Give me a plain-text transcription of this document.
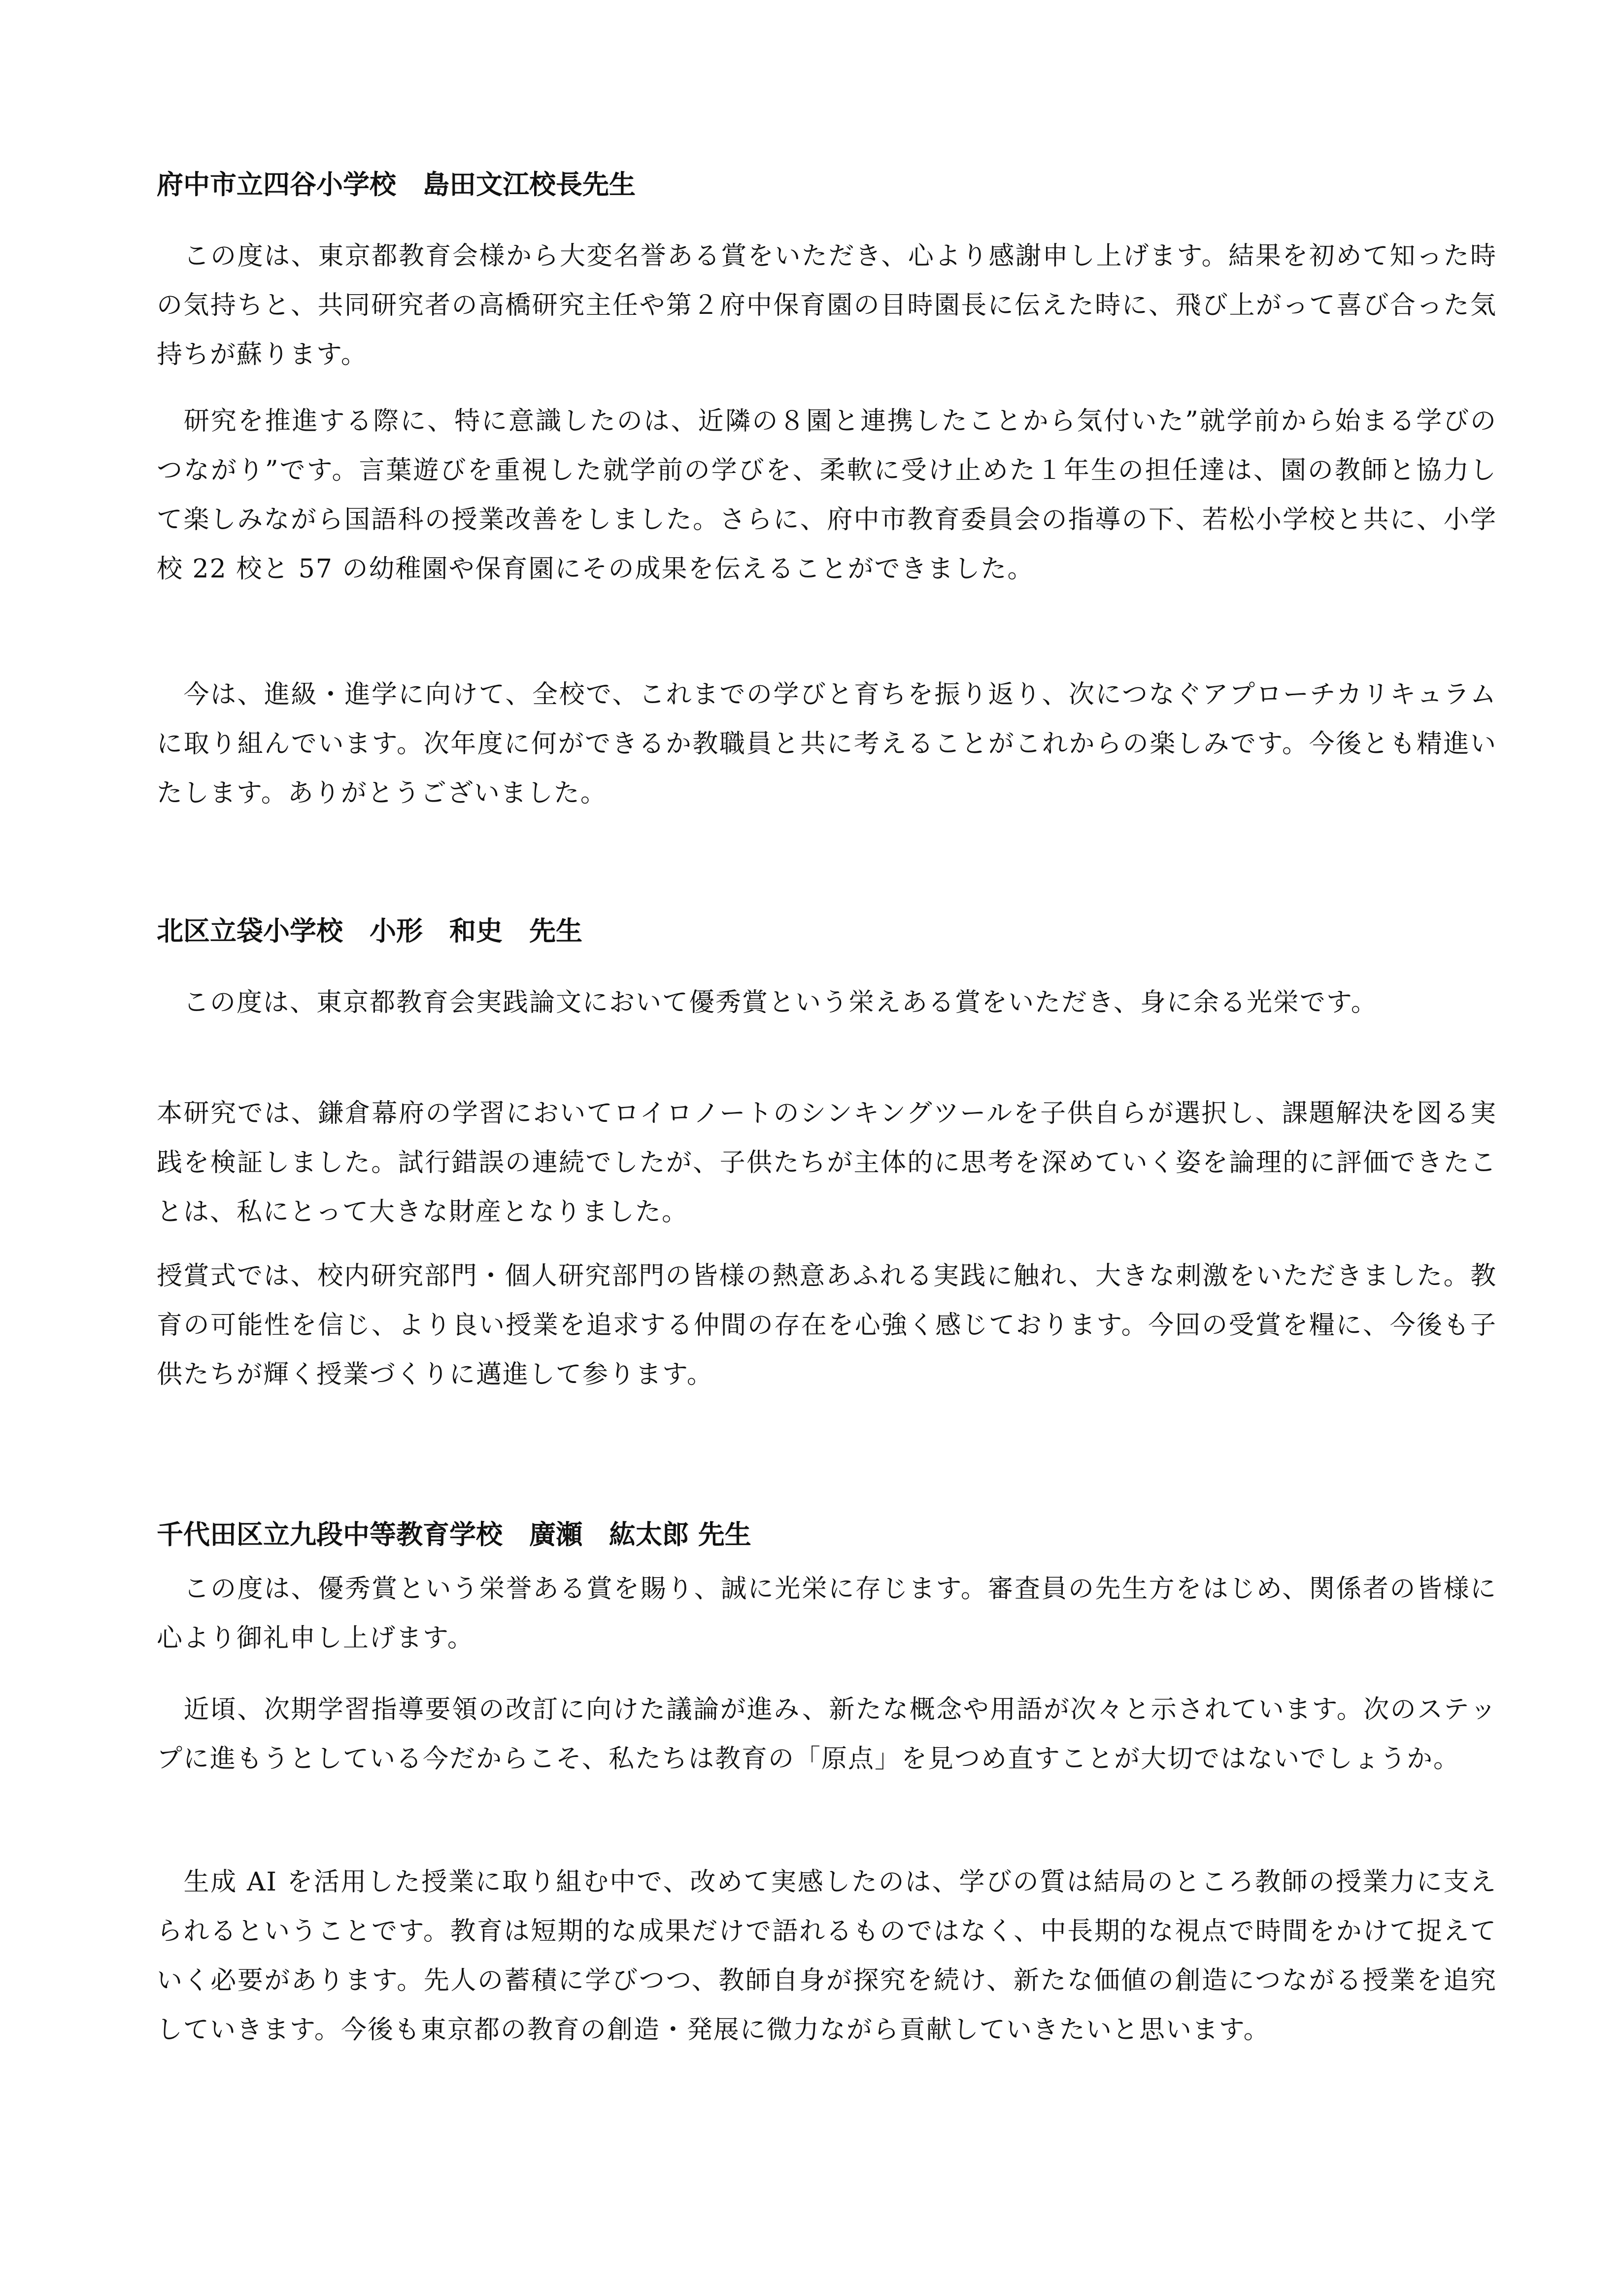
府中市立四谷小学校　島田文江校長先生

　この度は、東京都教育会様から大変名誉ある賞をいただき、心より感謝申し上げます。結果を初めて知った時の気持ちと、共同研究者の高橋研究主任や第２府中保育園の目時園長に伝えた時に、飛び上がって喜び合った気持ちが蘇ります。

　研究を推進する際に、特に意識したのは、近隣の８園と連携したことから気付いた”就学前から始まる学びのつながり”です。言葉遊びを重視した就学前の学びを、柔軟に受け止めた１年生の担任達は、園の教師と協力して楽しみながら国語科の授業改善をしました。さらに、府中市教育委員会の指導の下、若松小学校と共に、小学校 22 校と 57 の幼稚園や保育園にその成果を伝えることができました。

　今は、進級・進学に向けて、全校で、これまでの学びと育ちを振り返り、次につなぐアプローチカリキュラムに取り組んでいます。次年度に何ができるか教職員と共に考えることがこれからの楽しみです。今後とも精進いたします。ありがとうございました。

北区立袋小学校　小形　和史　先生

　この度は、東京都教育会実践論文において優秀賞という栄えある賞をいただき、身に余る光栄です。

本研究では、鎌倉幕府の学習においてロイロノートのシンキングツールを子供自らが選択し、課題解決を図る実践を検証しました。試行錯誤の連続でしたが、子供たちが主体的に思考を深めていく姿を論理的に評価できたことは、私にとって大きな財産となりました。

授賞式では、校内研究部門・個人研究部門の皆様の熱意あふれる実践に触れ、大きな刺激をいただきました。教育の可能性を信じ、より良い授業を追求する仲間の存在を心強く感じております。今回の受賞を糧に、今後も子供たちが輝く授業づくりに邁進して参ります。

千代田区立九段中等教育学校　廣瀬　紘太郎 先生

　この度は、優秀賞という栄誉ある賞を賜り、誠に光栄に存じます。審査員の先生方をはじめ、関係者の皆様に心より御礼申し上げます。

　近頃、次期学習指導要領の改訂に向けた議論が進み、新たな概念や用語が次々と示されています。次のステップに進もうとしている今だからこそ、私たちは教育の「原点」を見つめ直すことが大切ではないでしょうか。

　生成 AI を活用した授業に取り組む中で、改めて実感したのは、学びの質は結局のところ教師の授業力に支えられるということです。教育は短期的な成果だけで語れるものではなく、中長期的な視点で時間をかけて捉えていく必要があります。先人の蓄積に学びつつ、教師自身が探究を続け、新たな価値の創造につながる授業を追究していきます。今後も東京都の教育の創造・発展に微力ながら貢献していきたいと思います。
